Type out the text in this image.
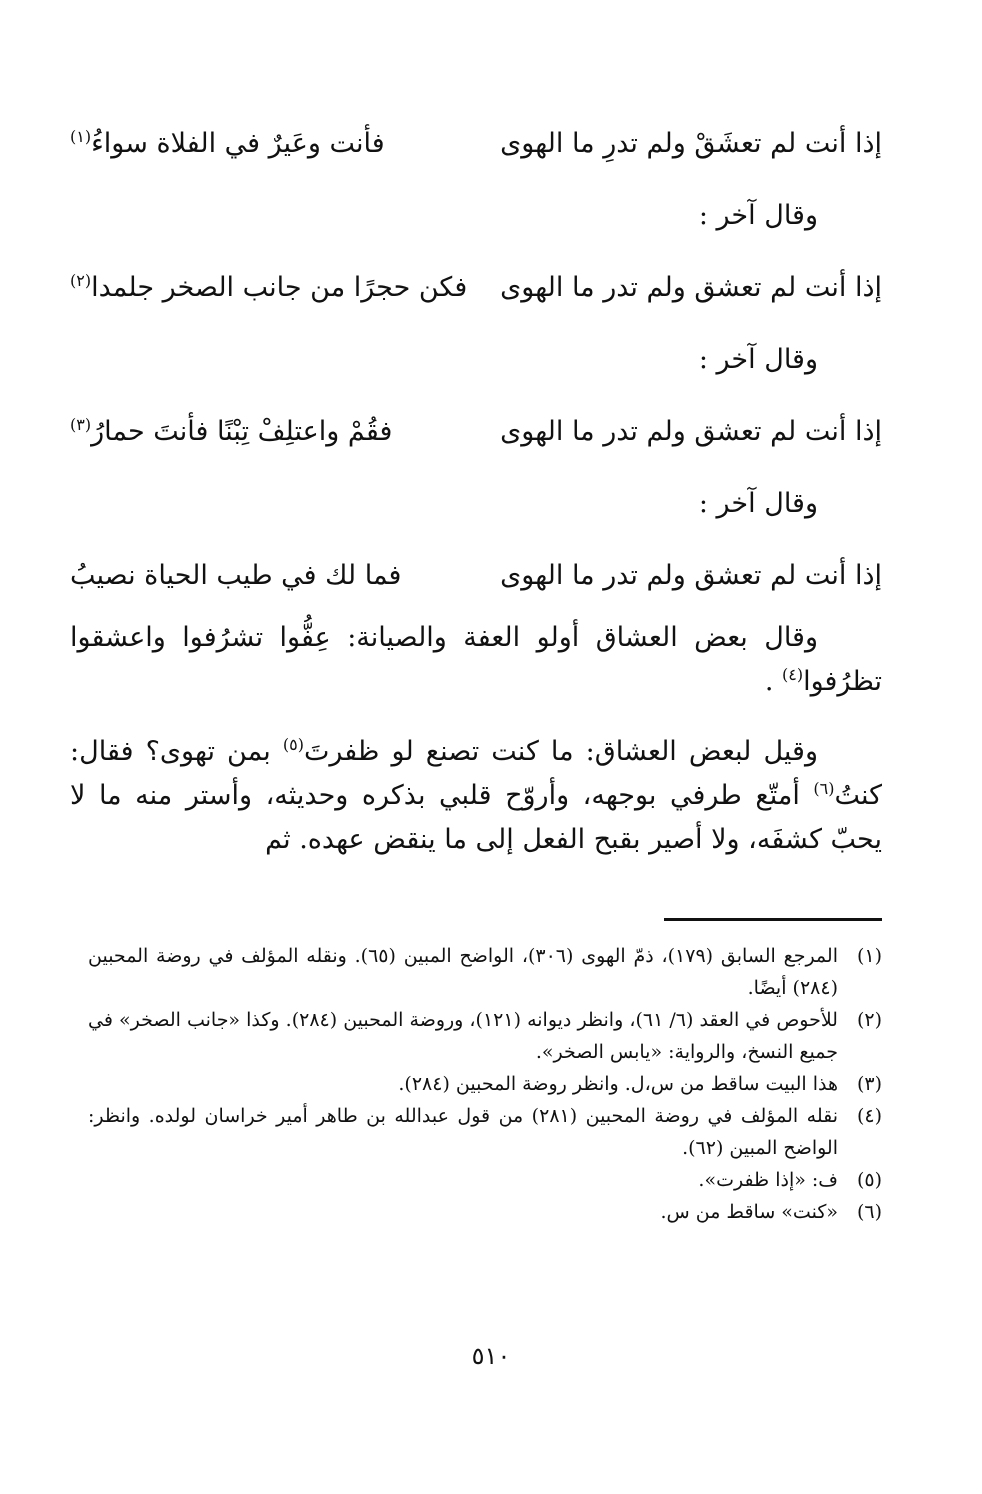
إذا أنت لم تعشَقْ ولم تدرِ ما الهوى
فأنت وعَيرٌ في الفلاة سواءُ$^{(١)}$
وقال آخر :
إذا أنت لم تعشق ولم تدر ما الهوى
فكن حجرًا من جانب الصخر جلمدا$^{(٢)}$
وقال آخر :
إذا أنت لم تعشق ولم تدر ما الهوى
فقُمْ واعتلِفْ تِبْنًا فأنتَ حمارُ$^{(٣)}$
وقال آخر :
إذا أنت لم تعشق ولم تدر ما الهوى
فما لك في طيب الحياة نصيبُ

وقال بعض العشاق أولو العفة والصيانة: عِفُّوا تشرُفوا واعشقوا تظرُفوا$^{(٤)}$ .

وقيل لبعض العشاق: ما كنت تصنع لو ظفرتَ$^{(٥)}$ بمن تهوى؟ فقال: كنتُ$^{(٦)}$ أمتّع طرفي بوجهه، وأروّح قلبي بذكره وحديثه، وأستر منه ما لا يحبّ كشفَه، ولا أصير بقبح الفعل إلى ما ينقض عهده. ثم

(١)
المرجع السابق (١٧٩)، ذمّ الهوى (٣٠٦)، الواضح المبين (٦٥). ونقله المؤلف في روضة المحبين (٢٨٤) أيضًا.
(٢)
للأحوص في العقد (٦/ ٦١)، وانظر ديوانه (١٢١)، وروضة المحبين (٢٨٤). وكذا «جانب الصخر» في جميع النسخ، والرواية: «يابس الصخر».
(٣)
هذا البيت ساقط من س،ل. وانظر روضة المحبين (٢٨٤).
(٤)
نقله المؤلف في روضة المحبين (٢٨١) من قول عبدالله بن طاهر أمير خراسان لولده. وانظر: الواضح المبين (٦٢).
(٥)
ف: «إذا ظفرت».
(٦)
«كنت» ساقط من س.
٥١٠
